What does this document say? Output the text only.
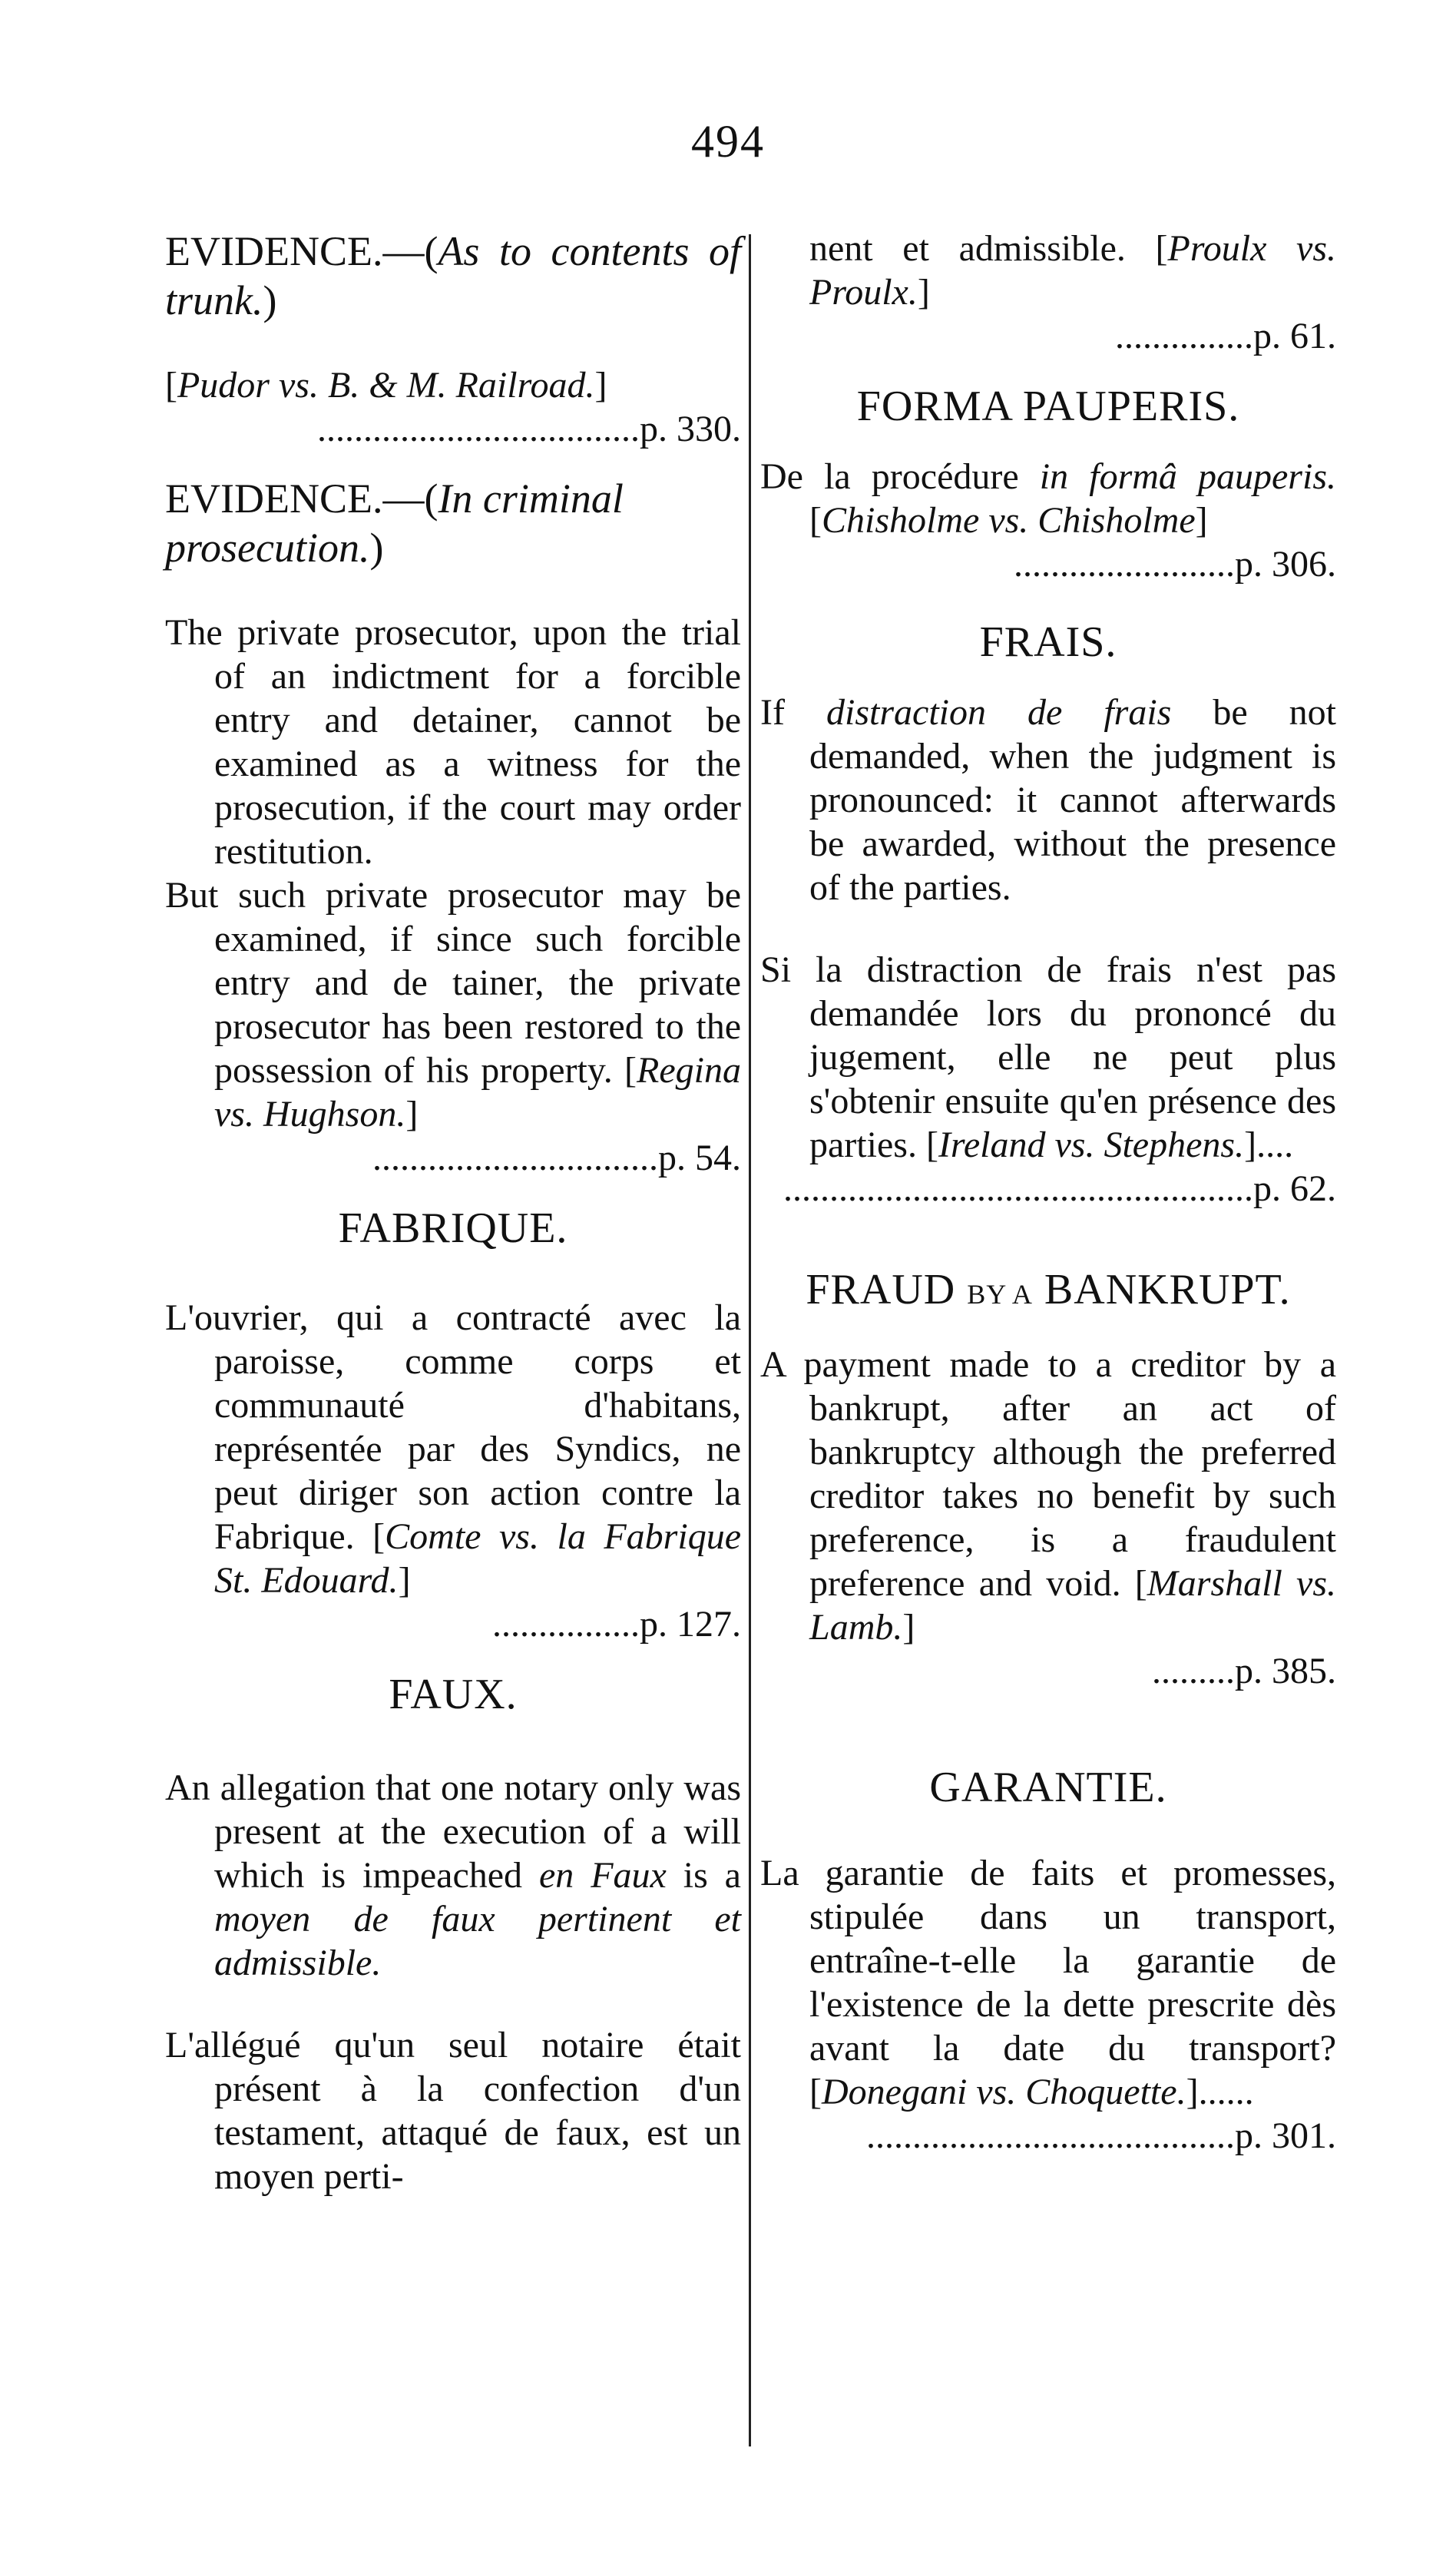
494
EVIDENCE.—(As to contents of trunk.)

[Pudor vs. B. & M. Railroad.]

...................................p. 330.

EVIDENCE.—(In criminal prosecution.)

The private prosecutor, upon the trial of an indictment for a forcible entry and detainer, cannot be examined as a witness for the prosecution, if the court may order restitution.

But such private prosecutor may be examined, if since such forcible entry and de tainer, the private prosecutor has been restored to the possession of his property. [Regina vs. Hughson.]

...............................p. 54.

FABRIQUE.

L'ouvrier, qui a contracté avec la paroisse, comme corps et communauté d'habitans, représentée par des Syndics, ne peut diriger son action contre la Fabrique. [Comte vs. la Fabrique St. Edouard.]

................p. 127.

FAUX.

An allegation that one notary only was present at the execution of a will which is impeached en Faux is a moyen de faux pertinent et admissible.

L'allégué qu'un seul notaire était présent à la confection d'un testament, attaqué de faux, est un moyen perti-

nent et admissible. [Proulx vs. Proulx.]

...............p. 61.

FORMA PAUPERIS.

De la procédure in formâ pauperis. [Chisholme vs. Chisholme]

........................p. 306.

FRAIS.

If distraction de frais be not demanded, when the judgment is pronounced: it cannot afterwards be awarded, without the presence of the parties.

Si la distraction de frais n'est pas demandée lors du prononcé du jugement, elle ne peut plus s'obtenir ensuite qu'en présence des parties. [Ireland vs. Stephens.]....

...................................................p. 62.

FRAUD BY A BANKRUPT.

A payment made to a creditor by a bankrupt, after an act of bankruptcy although the preferred creditor takes no benefit by such preference, is a fraudulent preference and void. [Marshall vs. Lamb.]

.........p. 385.

GARANTIE.

La garantie de faits et promesses, stipulée dans un transport, entraîne-t-elle la garantie de l'existence de la dette prescrite dès avant la date du transport? [Donegani vs. Choquette.]......

........................................p. 301.
